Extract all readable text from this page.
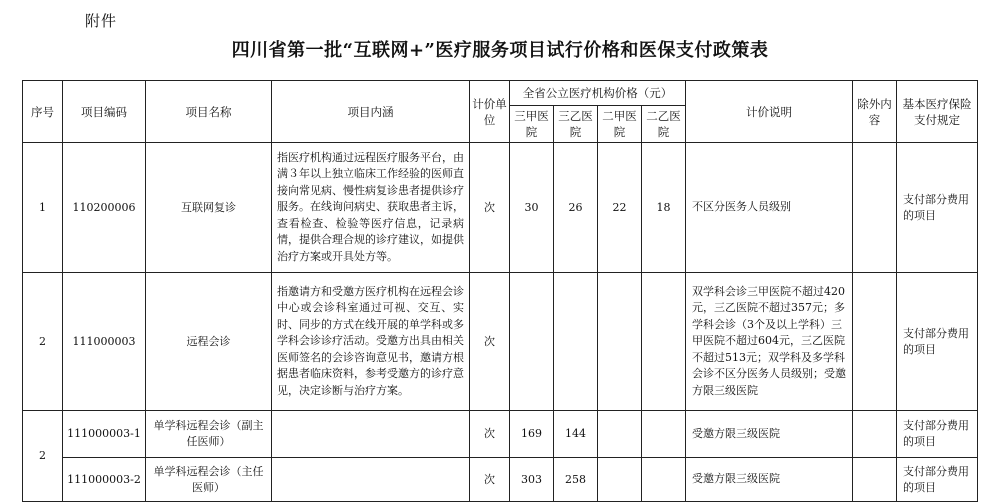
附件
四川省第一批“互联网+”医疗服务项目试行价格和医保支付政策表
序号	项目编码	项目名称	项目内涵	计价单位	全省公立医疗机构价格（元）				计价说明	除外内容	基本医疗保险支付规定
					三甲医院	三乙医院	二甲医院	二乙医院			
1	110200006	互联网复诊	指医疗机构通过远程医疗服务平台，由满３年以上独立临床工作经验的医师直接向常见病、慢性病复诊患者提供诊疗服务。在线询问病史、获取患者主诉，查看检查、检验等医疗信息，记录病情，提供合理合规的诊疗建议，如提供治疗方案或开具处方等。	次	30	26	22	18	不区分医务人员级别		支付部分费用的项目
2	111000003	远程会诊	指邀请方和受邀方医疗机构在远程会诊中心或会诊科室通过可视、交互、实时、同步的方式在线开展的单学科或多学科会诊诊疗活动。受邀方出具由相关医师签名的会诊咨询意见书，邀请方根据患者临床资料，参考受邀方的诊疗意见，决定诊断与治疗方案。	次					双学科会诊三甲医院不超过420元，三乙医院不超过357元；多学科会诊（3个及以上学科）三甲医院不超过604元，三乙医院不超过513元；双学科及多学科会诊不区分医务人员级别；受邀方限三级医院		支付部分费用的项目
2	111000003-1	单学科远程会诊（副主任医师）		次	169	144			受邀方限三级医院		支付部分费用的项目
	111000003-2	单学科远程会诊（主任医师）		次	303	258			受邀方限三级医院		支付部分费用的项目
